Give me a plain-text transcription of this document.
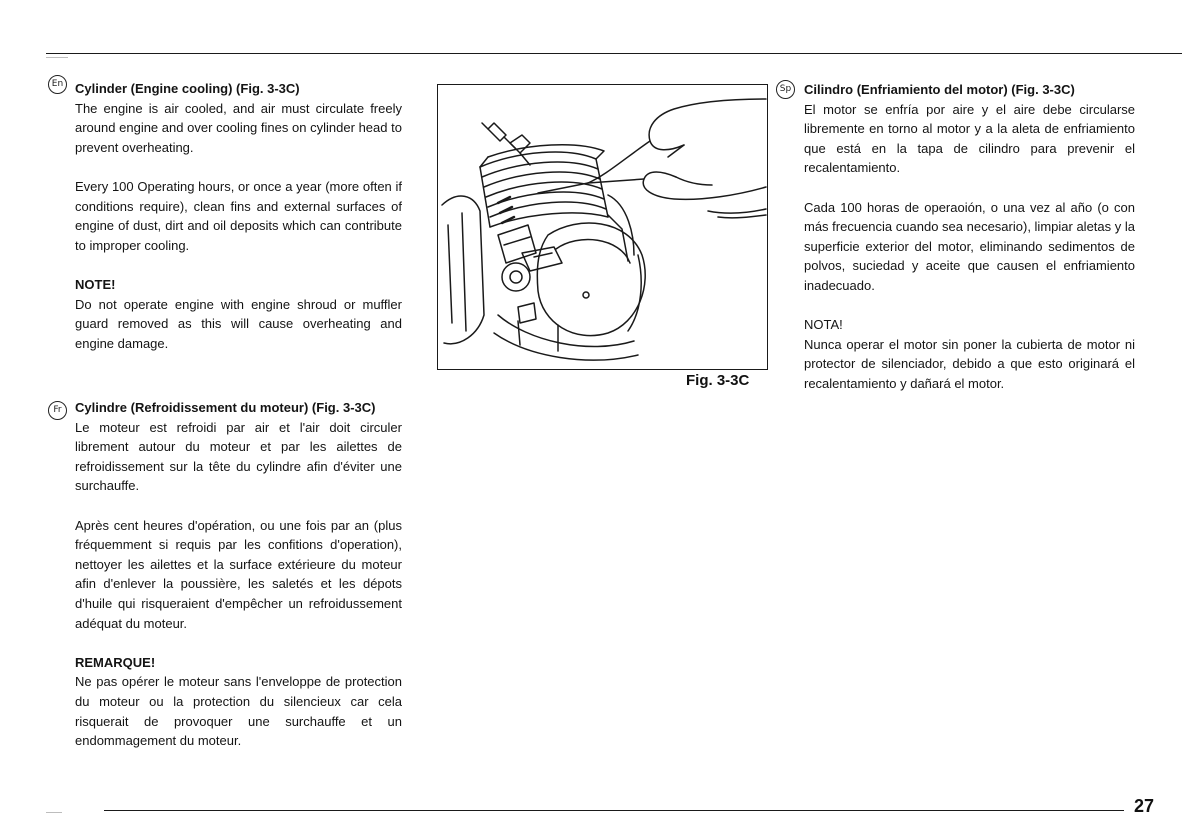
En Cylinder (Engine cooling) (Fig. 3-3C)

The engine is air cooled, and air must circulate freely around engine and over cooling fines on cylinder head to prevent overheating.

Every 100 Operating hours, or once a year (more often if conditions require), clean fins and external surfaces of engine of dust, dirt and oil deposits which can contribute to improper cooling.

NOTE!

Do not operate engine with engine shroud or muffler guard removed as this will cause overheating and engine damage.

Fr	Cylindre (Refroidissement du moteur) (Fig. 3-3C)

Le moteur est refroidi par air et l'air doit circuler librement autour du moteur et par les ailettes de refroidissement sur la tête du cylindre afin d'éviter une surchauffe.

Après cent heures d'opération, ou une fois par an (plus fréquemment si requis par les confitions d'operation), nettoyer les ailettes et la surface extérieure du moteur afin d'enlever la poussière, les saletés et les dépots d'huile qui risqueraient d'empêcher un refroidussement adéquat du moteur.

REMARQUE!

Ne pas opérer le moteur sans l'enveloppe de protection du moteur ou la protection du silencieux car cela risquerait de provoquer une surchauffe et un endommagement du moteur.

Fig. 3-3C
Sp Cilindro (Enfriamiento del motor) (Fig. 3-3C)

El motor se enfría por aire y el aire debe circularse libremente en torno al motor y a la aleta de enfriamiento que está en la tapa de cilindro para prevenir el recalentamiento.

Cada 100 horas de operaoión, o una vez al año (o con más frecuencia cuando sea necesario), limpiar aletas y la superficie exterior del motor, eliminando sedimentos de polvos, suciedad y aceite que causen el enfriamiento inadecuado.

NOTA!

Nunca operar el motor sin poner la cubierta de motor ni protector de silenciador, debido a que esto originará el recalentamiento y dañará el motor.

27
